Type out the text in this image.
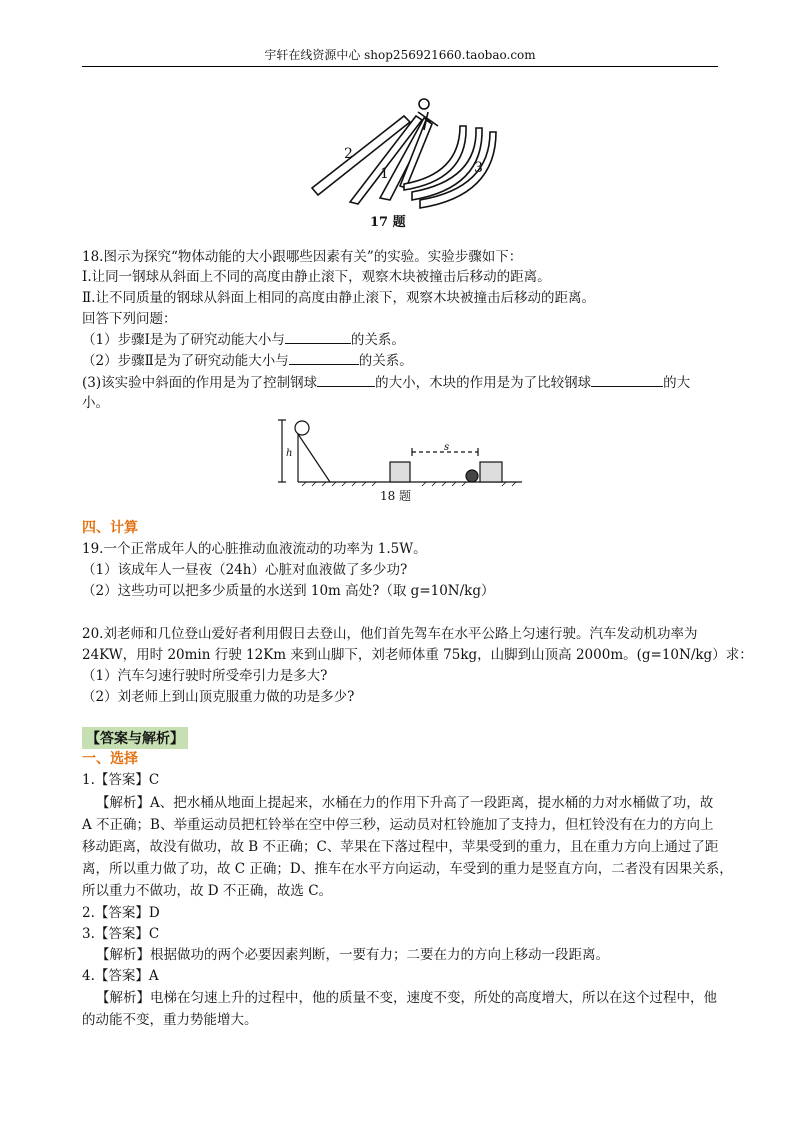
宇轩在线资源中心 shop256921660.taobao.com
2
1	3
17 题
18.图示为探究“物体动能的大小跟哪些因素有关”的实验。实验步骤如下：
Ⅰ.让同一钢球从斜面上不同的高度由静止滚下，观察木块被撞击后移动的距离。
Ⅱ.让不同质量的钢球从斜面上相同的高度由静止滚下，观察木块被撞击后移动的距离。
回答下列问题：
（1）步骤Ⅰ是为了研究动能大小与	的关系。
（2）步骤Ⅱ是为了研究动能大小与	的关系。
(3)该实验中斜面的作用是为了控制钢球	的大小，木块的作用是为了比较钢球	的大
小。
h
s
18 题
四、计算
19.一个正常成年人的心脏推动血液流动的功率为 1.5W。
（1）该成年人一昼夜（24h）心脏对血液做了多少功?
（2）这些功可以把多少质量的水送到 10m 高处?（取 g=10N/kg）
20.刘老师和几位登山爱好者利用假日去登山，他们首先驾车在水平公路上匀速行驶。汽车发动机功率为
24KW，用时 20min 行驶 12Km 来到山脚下，刘老师体重 75kg，山脚到山顶高 2000m。(g=10N/kg）求：
（1）汽车匀速行驶时所受牵引力是多大?
（2）刘老师上到山顶克服重力做的功是多少?
【答案与解析】
一、选择
1.【答案】C
【解析】A、把水桶从地面上提起来，水桶在力的作用下升高了一段距离，提水桶的力对水桶做了功，故
A 不正确；B、举重运动员把杠铃举在空中停三秒，运动员对杠铃施加了支持力，但杠铃没有在力的方向上
移动距离，故没有做功，故 B 不正确；C、苹果在下落过程中，苹果受到的重力，且在重力方向上通过了距
离，所以重力做了功，故 C 正确；D、推车在水平方向运动，车受到的重力是竖直方向，二者没有因果关系，
所以重力不做功，故 D 不正确，故选 C。
2.【答案】D
3.【答案】C
【解析】根据做功的两个必要因素判断，一要有力；二要在力的方向上移动一段距离。
4.【答案】A
【解析】电梯在匀速上升的过程中，他的质量不变，速度不变，所处的高度增大，所以在这个过程中，他
的动能不变，重力势能增大。
